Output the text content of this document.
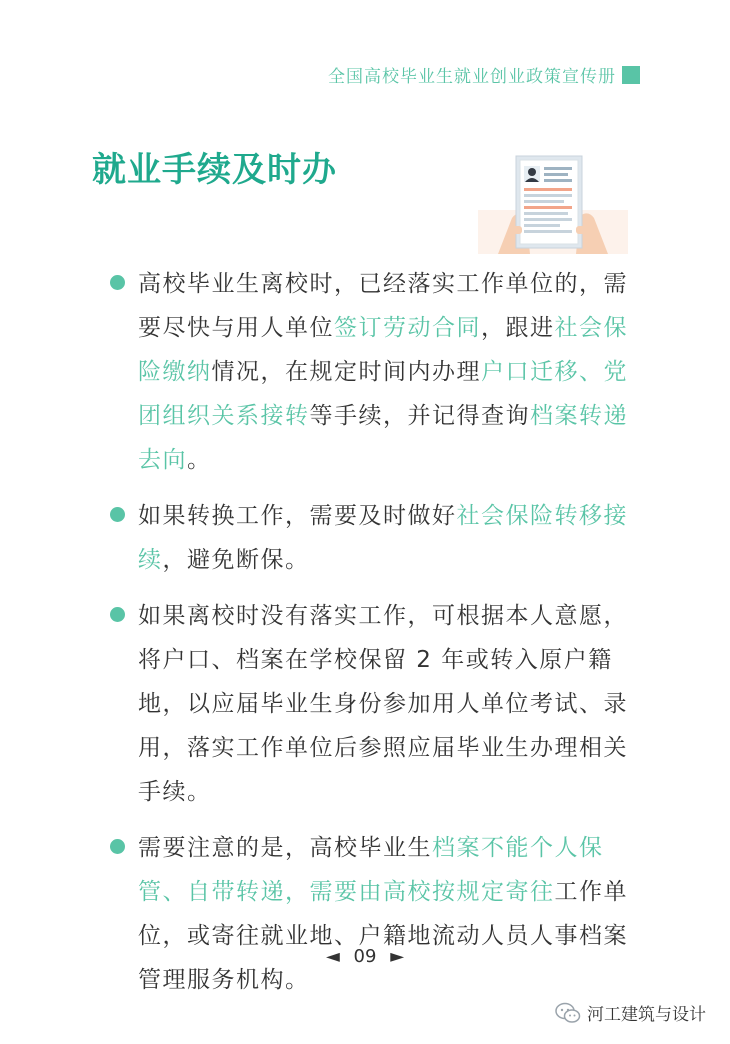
全国高校毕业生就业创业政策宣传册
就业手续及时办
高校毕业生离校时，已经落实工作单位的，需要尽快与用人单位签订劳动合同，跟进社会保险缴纳情况，在规定时间内办理户口迁移、党团组织关系接转等手续，并记得查询档案转递去向。
如果转换工作，需要及时做好社会保险转移接续，避免断保。
如果离校时没有落实工作，可根据本人意愿，将户口、档案在学校保留 2 年或转入原户籍地，以应届毕业生身份参加用人单位考试、录用，落实工作单位后参照应届毕业生办理相关手续。
需要注意的是，高校毕业生档案不能个人保管、自带转递，需要由高校按规定寄往工作单位，或寄往就业地、户籍地流动人员人事档案管理服务机构。
◄ 09 ►
河工建筑与设计
